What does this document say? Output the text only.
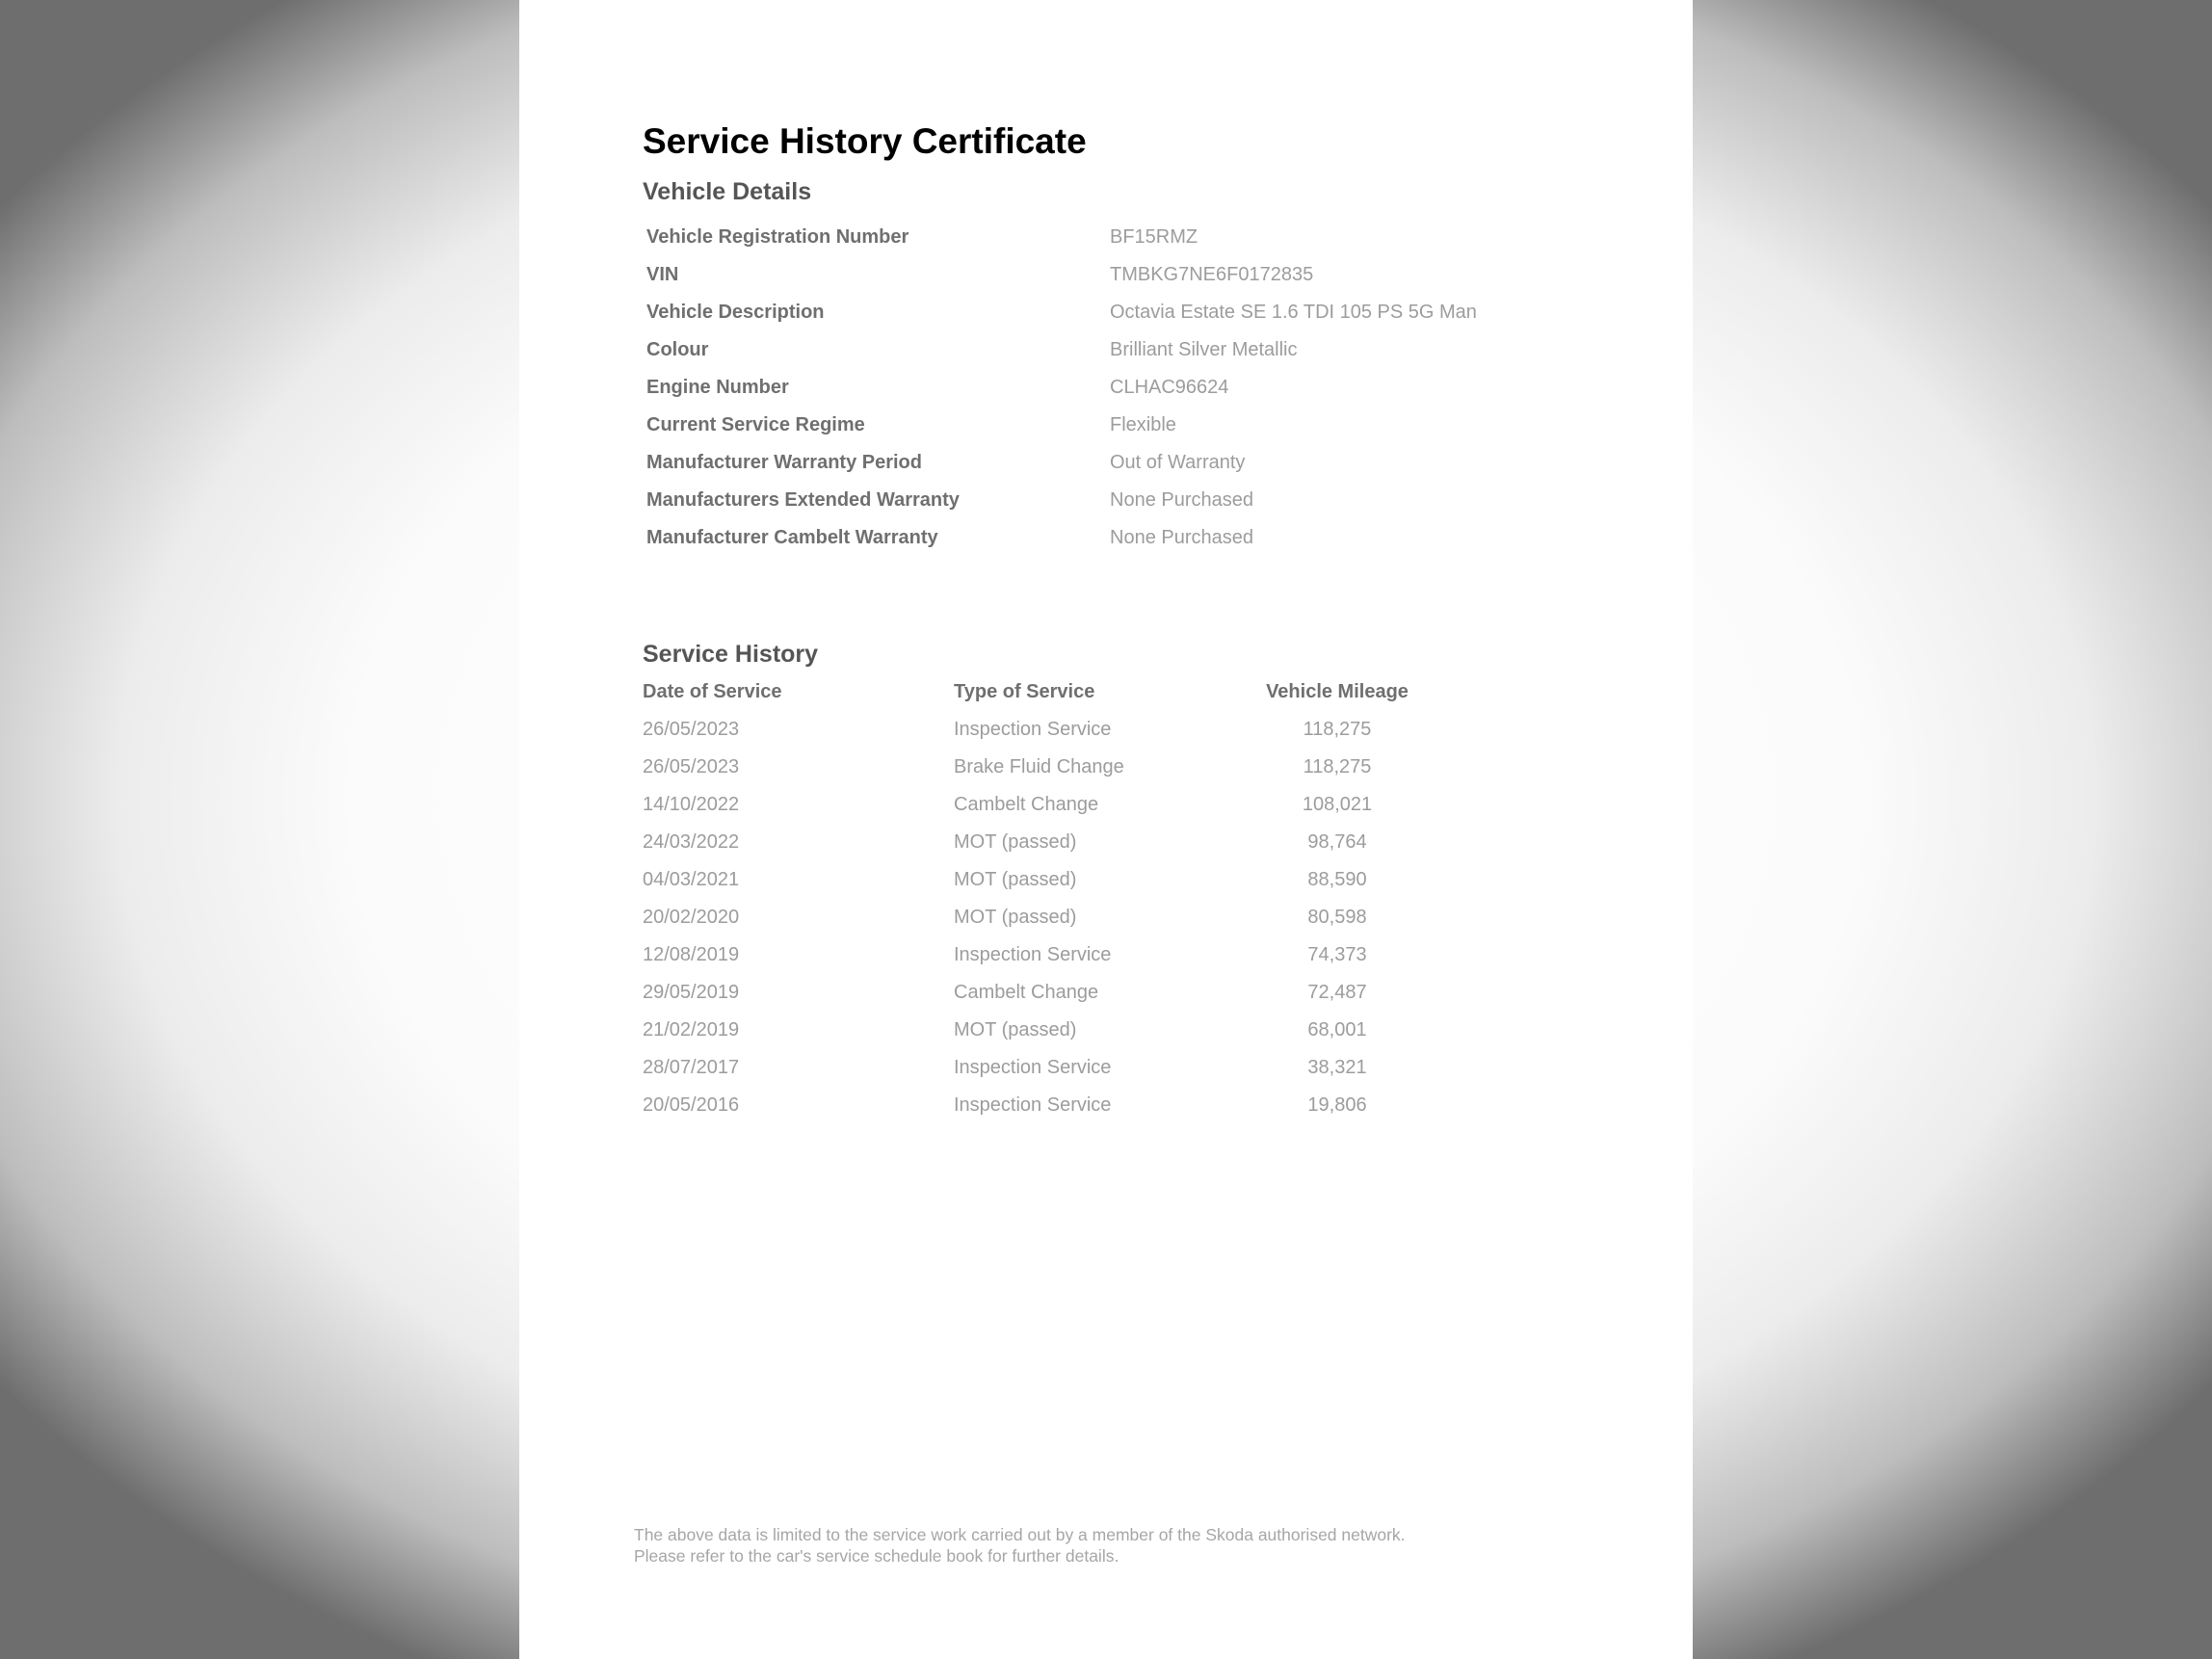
Service History Certificate
Vehicle Details
Vehicle Registration Number	BF15RMZ
VIN	TMBKG7NE6F0172835
Vehicle Description	Octavia Estate SE 1.6 TDI 105 PS 5G Man
Colour	Brilliant Silver Metallic
Engine Number	CLHAC96624
Current Service Regime	Flexible
Manufacturer Warranty Period	Out of Warranty
Manufacturers Extended Warranty	None Purchased
Manufacturer Cambelt Warranty	None Purchased
Service History
Date of Service	Type of Service	Vehicle Mileage
26/05/2023	Inspection Service	118,275
26/05/2023	Brake Fluid Change	118,275
14/10/2022	Cambelt Change	108,021
24/03/2022	MOT (passed)	98,764
04/03/2021	MOT (passed)	88,590
20/02/2020	MOT (passed)	80,598
12/08/2019	Inspection Service	74,373
29/05/2019	Cambelt Change	72,487
21/02/2019	MOT (passed)	68,001
28/07/2017	Inspection Service	38,321
20/05/2016	Inspection Service	19,806
The above data is limited to the service work carried out by a member of the Skoda authorised network.
Please refer to the car's service schedule book for further details.
